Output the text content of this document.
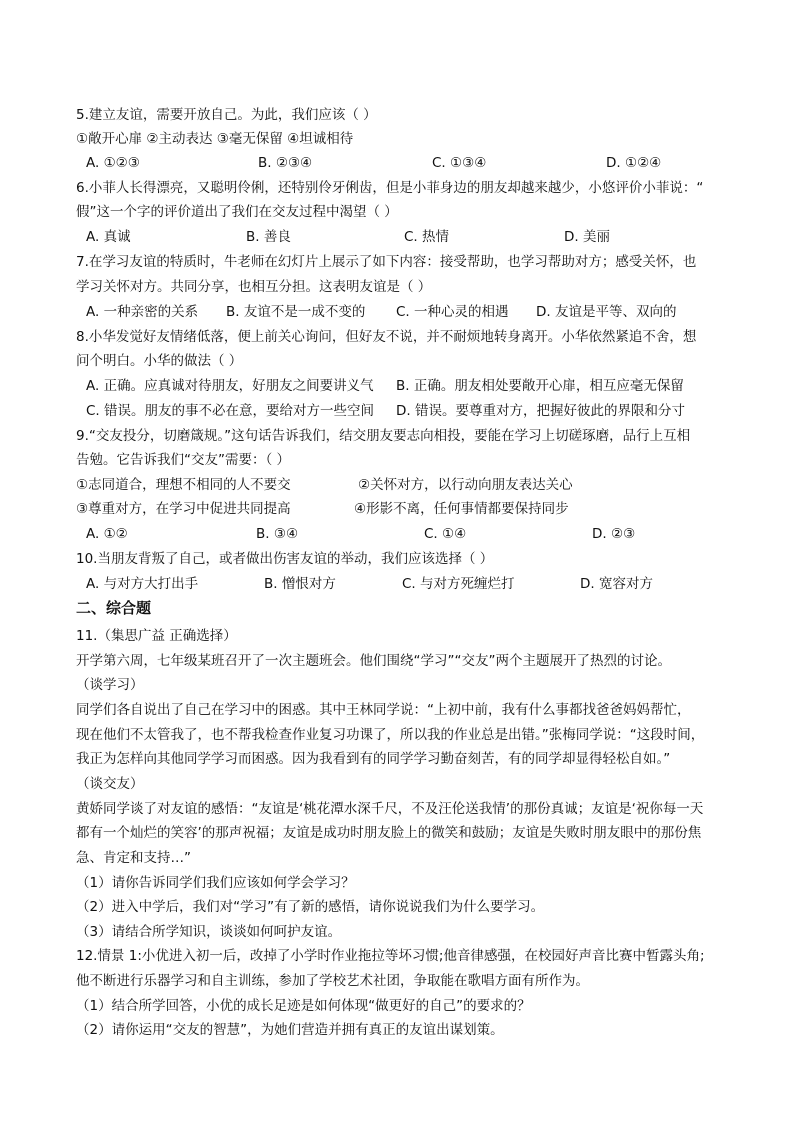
5.建立友谊，需要开放自己。为此，我们应该（ ）
①敞开心扉 ②主动表达 ③毫无保留 ④坦诚相待
A. ①②③	B. ②③④	C. ①③④	D. ①②④
6.小菲人长得漂亮，又聪明伶俐，还特别伶牙俐齿，但是小菲身边的朋友却越来越少，小悠评价小菲说：“
假”这一个字的评价道出了我们在交友过程中渴望（ ）
A. 真诚	B. 善良	C. 热情	D. 美丽
7.在学习友谊的特质时，牛老师在幻灯片上展示了如下内容：接受帮助，也学习帮助对方；感受关怀，也
学习关怀对方。共同分享，也相互分担。这表明友谊是（ ）
A. 一种亲密的关系 B. 友谊不是一成不变的 C. 一种心灵的相遇 D. 友谊是平等、双向的
8.小华发觉好友情绪低落，便上前关心询问，但好友不说，并不耐烦地转身离开。小华依然紧追不舍，想
问个明白。小华的做法（ ）
A. 正确。应真诚对待朋友，好朋友之间要讲义气 B. 正确。朋友相处要敞开心扉，相互应毫无保留
C. 错误。朋友的事不必在意，要给对方一些空间 D. 错误。要尊重对方，把握好彼此的界限和分寸
9.“交友投分，切磨箴规。”这句话告诉我们，结交朋友要志向相投，要能在学习上切磋琢磨，品行上互相
告勉。它告诉我们“交友”需要：（ ）
①志同道合，理想不相同的人不要交	②关怀对方，以行动向朋友表达关心
③尊重对方，在学习中促进共同提高	④形影不离，任何事情都要保持同步
A. ①②	B. ③④	C. ①④	D. ②③
10.当朋友背叛了自己，或者做出伤害友谊的举动，我们应该选择（ ）
A. 与对方大打出手	B. 憎恨对方	C. 与对方死缠烂打	D. 宽容对方
二、综合题
11.（集思广益 正确选择）
开学第六周，七年级某班召开了一次主题班会。他们围绕“学习”“交友”两个主题展开了热烈的讨论。
（谈学习）
同学们各自说出了自己在学习中的困惑。其中王林同学说：“上初中前，我有什么事都找爸爸妈妈帮忙，
现在他们不太管我了，也不帮我检查作业复习功课了，所以我的作业总是出错。”张梅同学说：“这段时间，
我正为怎样向其他同学学习而困惑。因为我看到有的同学学习勤奋刻苦，有的同学却显得轻松自如。”
（谈交友）
黄娇同学谈了对友谊的感悟：“友谊是‘桃花潭水深千尺，不及汪伦送我情’的那份真诚；友谊是‘祝你每一天
都有一个灿烂的笑容’的那声祝福；友谊是成功时朋友脸上的微笑和鼓励；友谊是失败时朋友眼中的那份焦
急、肯定和支持…”
（1）请你告诉同学们我们应该如何学会学习？
（2）进入中学后，我们对“学习”有了新的感悟，请你说说我们为什么要学习。
（3）请结合所学知识，谈谈如何呵护友谊。
12.情景 1:小优进入初一后，改掉了小学时作业拖拉等坏习惯;他音律感强，在校园好声音比赛中暂露头角;
他不断进行乐器学习和自主训练，参加了学校艺术社团，争取能在歌唱方面有所作为。
（1）结合所学回答，小优的成长足迹是如何体现“做更好的自己”的要求的？
（2）请你运用“交友的智慧”，为她们营造并拥有真正的友谊出谋划策。
